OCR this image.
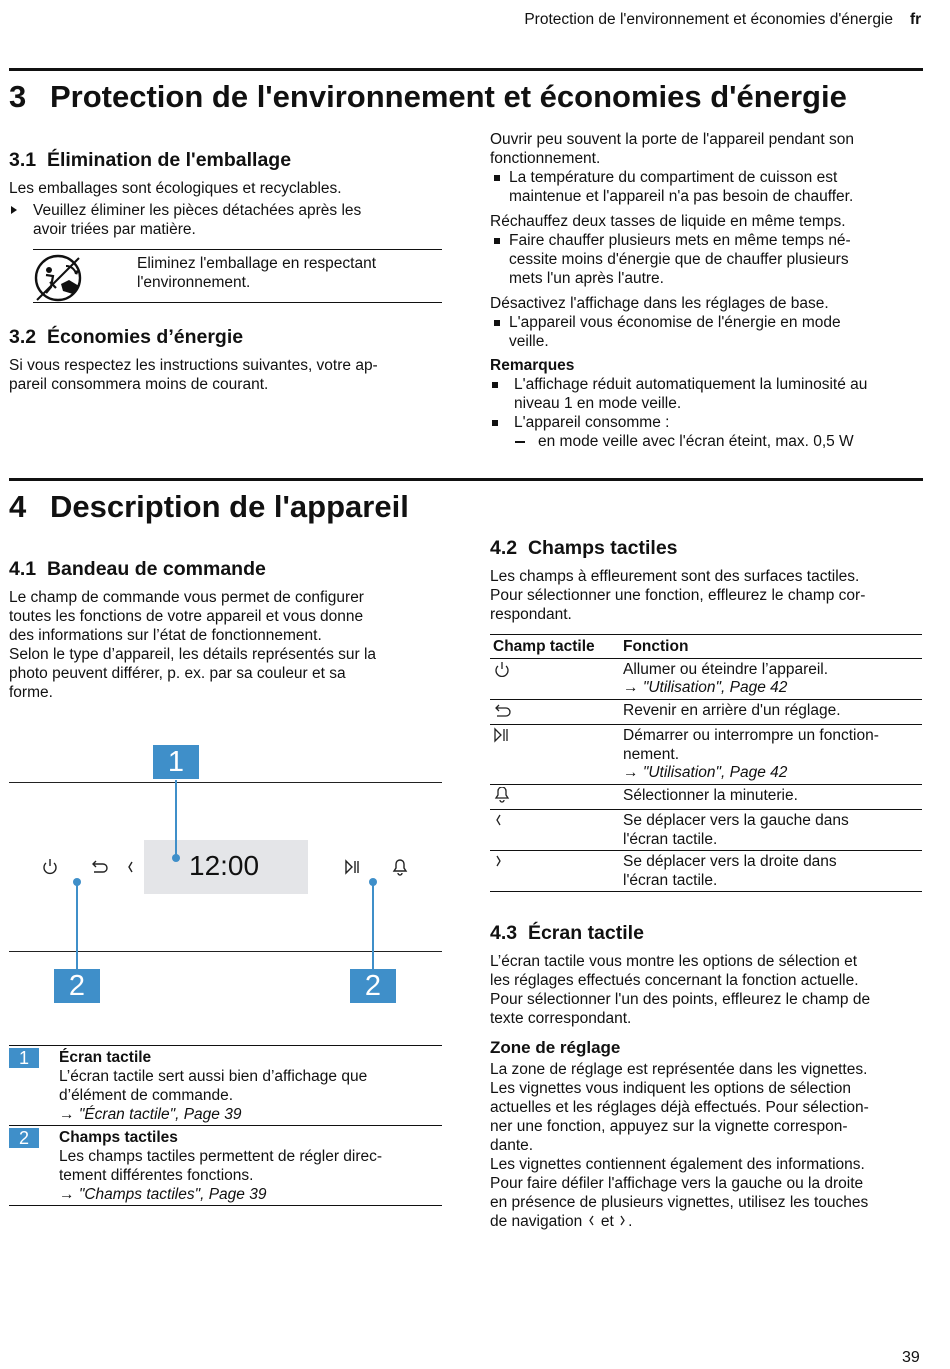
Protection de l'environnement et économies d'énergie fr
3 Protection de l'environnement et économies d'énergie
3.1 Élimination de l'emballage
Les emballages sont écologiques et recyclables.
Veuillez éliminer les pièces détachées après les
avoir triées par matière.
Eliminez l'emballage en respectant
l'environnement.
3.2 Économies d’énergie
Si vous respectez les instructions suivantes, votre ap-
pareil consommera moins de courant.
Ouvrir peu souvent la porte de l'appareil pendant son
fonctionnement.
La température du compartiment de cuisson est
maintenue et l'appareil n'a pas besoin de chauffer.
Réchauffez deux tasses de liquide en même temps.
Faire chauffer plusieurs mets en même temps né-
cessite moins d'énergie que de chauffer plusieurs
mets l'un après l'autre.
Désactivez l'affichage dans les réglages de base.
L'appareil vous économise de l'énergie en mode
veille.
Remarques
L'affichage réduit automatiquement la luminosité au
niveau 1 en mode veille.
L'appareil consomme :
en mode veille avec l'écran éteint, max. 0,5 W
4 Description de l'appareil
4.1 Bandeau de commande
Le champ de commande vous permet de configurer
toutes les fonctions de votre appareil et vous donne
des informations sur l’état de fonctionnement.
Selon le type d’appareil, les détails représentés sur la
photo peuvent différer, p. ex. par sa couleur et sa
forme.
12:00
1
2	2
1	Écran tactile
L’écran tactile sert aussi bien d’affichage que
d’élément de commande.
→ "Écran tactile", Page 39
2	Champs tactiles
Les champs tactiles permettent de régler direc-
tement différentes fonctions.
→ "Champs tactiles", Page 39
4.2 Champs tactiles
Les champs à effleurement sont des surfaces tactiles.
Pour sélectionner une fonction, effleurez le champ cor-
respondant.
Champ tactile	Fonction

Allumer ou éteindre l’appareil.
→ "Utilisation", Page 42

Revenir en arrière d'un réglage.

Démarrer ou interrompre un fonction-
nement.
→ "Utilisation", Page 42

Sélectionner la minuterie.

Se déplacer vers la gauche dans
l'écran tactile.

Se déplacer vers la droite dans
l'écran tactile.
4.3 Écran tactile
L’écran tactile vous montre les options de sélection et
les réglages effectués concernant la fonction actuelle.
Pour sélectionner l'un des points, effleurez le champ de
texte correspondant.
Zone de réglage
La zone de réglage est représentée dans les vignettes.
Les vignettes vous indiquent les options de sélection
actuelles et les réglages déjà effectués. Pour sélection-
ner une fonction, appuyez sur la vignette correspon-
dante.
Les vignettes contiennent également des informations.
Pour faire défiler l'affichage vers la gauche ou la droite
en présence de plusieurs vignettes, utilisez les touches
de navigation et .
39
